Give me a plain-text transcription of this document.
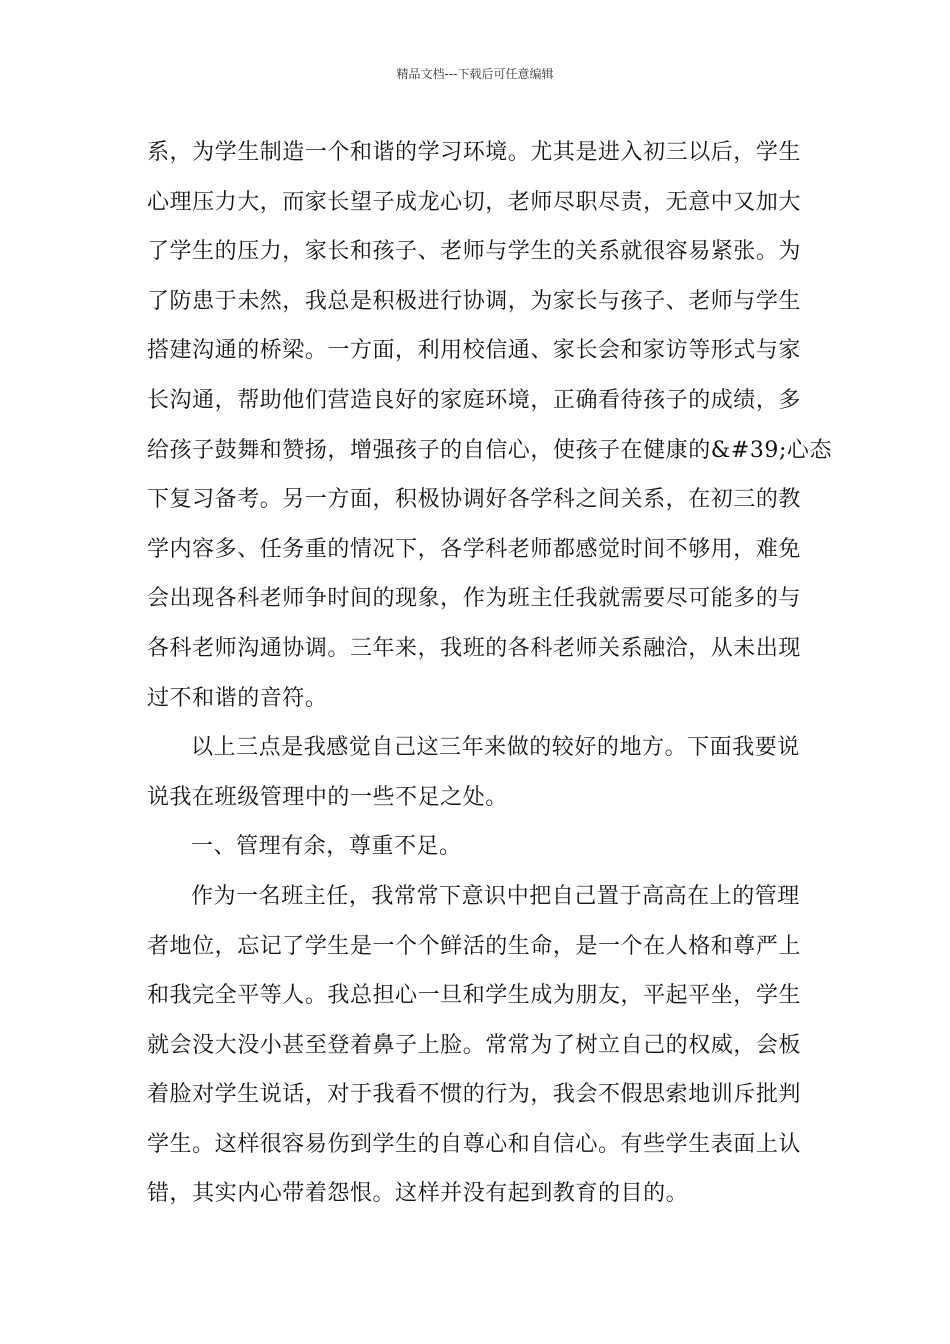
精品文档---下载后可任意编辑
系，为学生制造一个和谐的学习环境。尤其是进入初三以后，学生
心理压力大，而家长望子成龙心切，老师尽职尽责，无意中又加大
了学生的压力，家长和孩子、老师与学生的关系就很容易紧张。为
了防患于未然，我总是积极进行协调，为家长与孩子、老师与学生
搭建沟通的桥梁。一方面，利用校信通、家长会和家访等形式与家
长沟通，帮助他们营造良好的家庭环境，正确看待孩子的成绩，多
给孩子鼓舞和赞扬，增强孩子的自信心，使孩子在健康的&#39;心态
下复习备考。另一方面，积极协调好各学科之间关系，在初三的教
学内容多、任务重的情况下，各学科老师都感觉时间不够用，难免
会出现各科老师争时间的现象，作为班主任我就需要尽可能多的与
各科老师沟通协调。三年来，我班的各科老师关系融洽，从未出现
过不和谐的音符。
以上三点是我感觉自己这三年来做的较好的地方。下面我要说
说我在班级管理中的一些不足之处。
一、管理有余，尊重不足。
作为一名班主任，我常常下意识中把自己置于高高在上的管理
者地位，忘记了学生是一个个鲜活的生命，是一个在人格和尊严上
和我完全平等人。我总担心一旦和学生成为朋友，平起平坐，学生
就会没大没小甚至登着鼻子上脸。常常为了树立自己的权威，会板
着脸对学生说话，对于我看不惯的行为，我会不假思索地训斥批判
学生。这样很容易伤到学生的自尊心和自信心。有些学生表面上认
错，其实内心带着怨恨。这样并没有起到教育的目的。
